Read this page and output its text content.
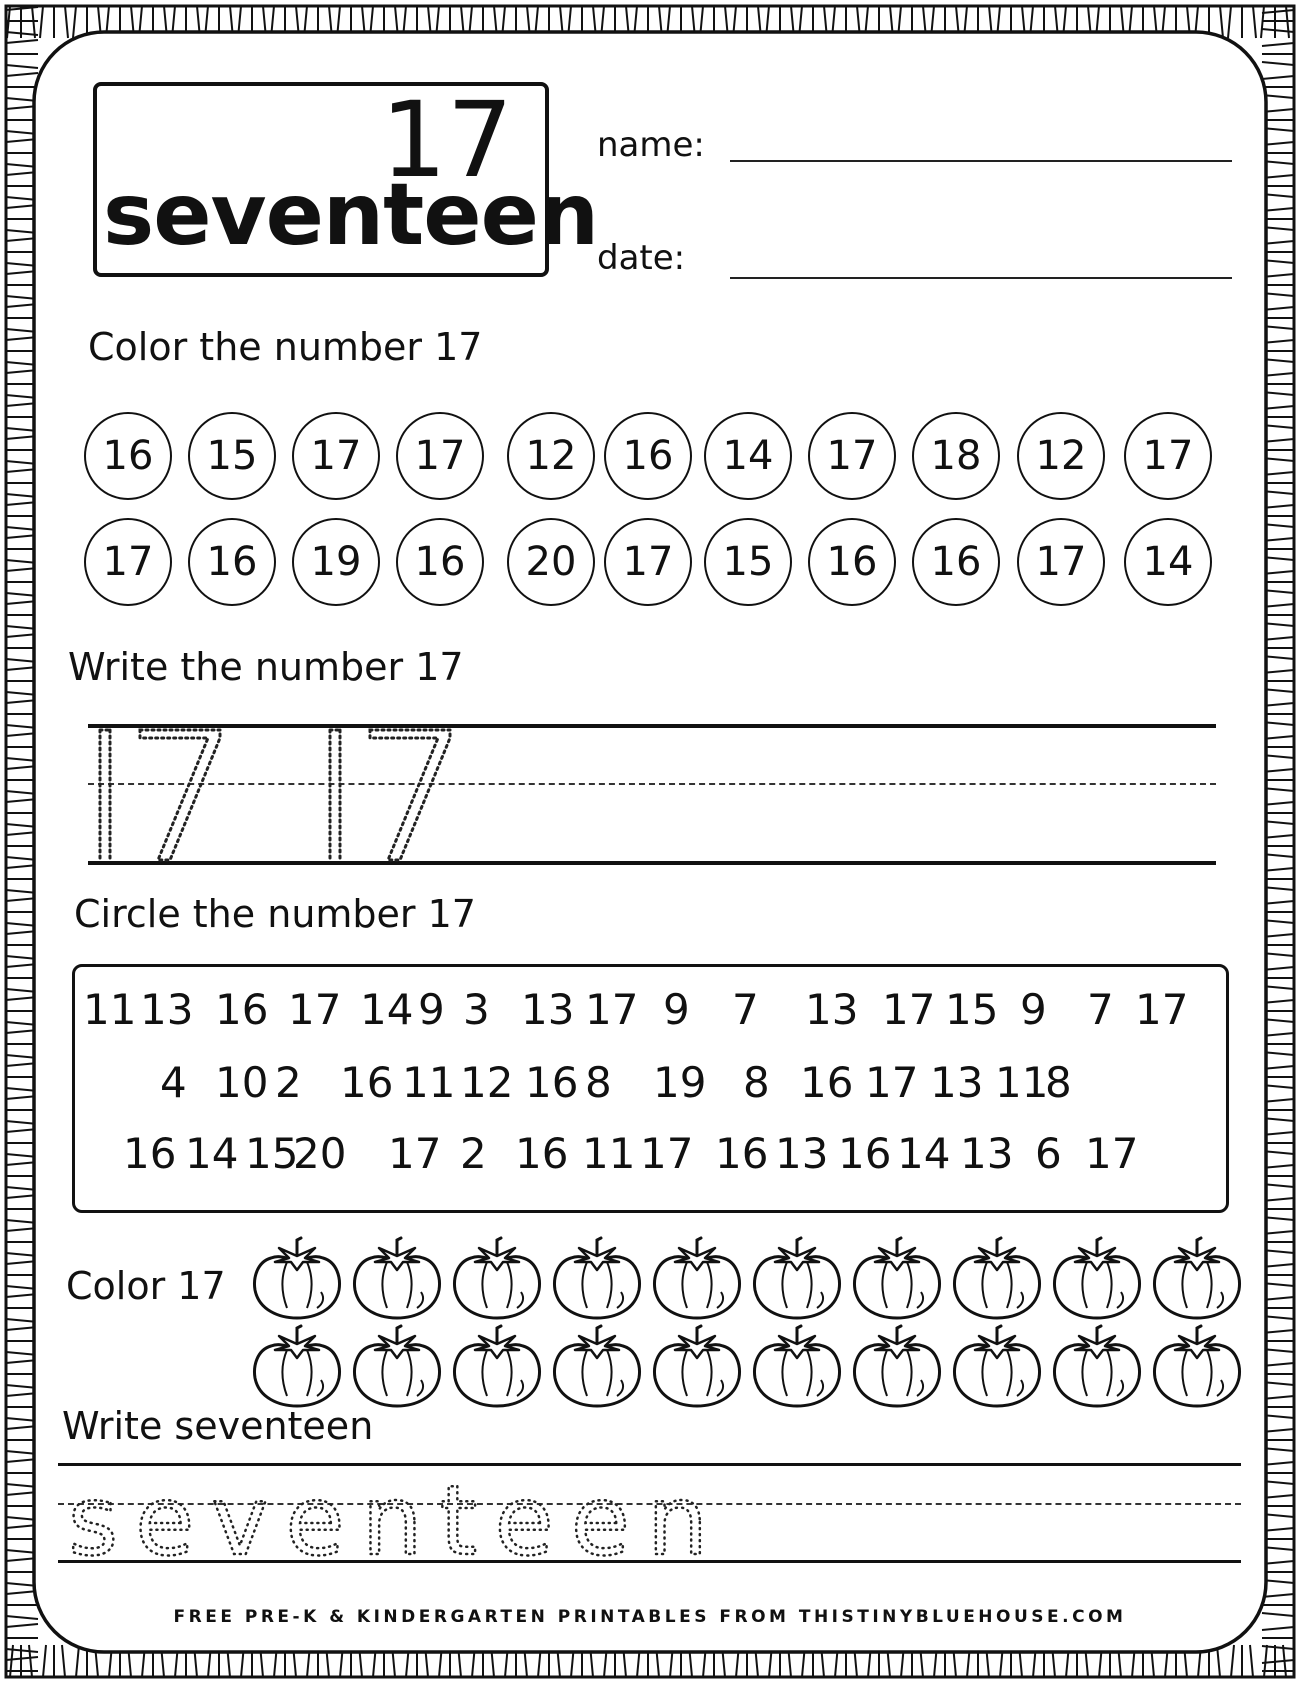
17
seventeen
name:
date:
Color the number 17
16	15	17	17	12	16	14	17	18	12	17
17	16	19	16	20	17	15	16	16	17	14
Write the number 17
Circle the number 17
11 13 16 17 14 9 3 13 17 9 7 13 17 15 9 7 17
4 10 2 16 11 12 16 8 19 8 16 17 13 11
8
16 14 15
20 17 2 16 11 17 16 13 16 14 13 6 17
Color 17
Write seventeen
seventeen
FREE PRE-K & KINDERGARTEN PRINTABLES FROM THISTINYBLUEHOUSE.COM
